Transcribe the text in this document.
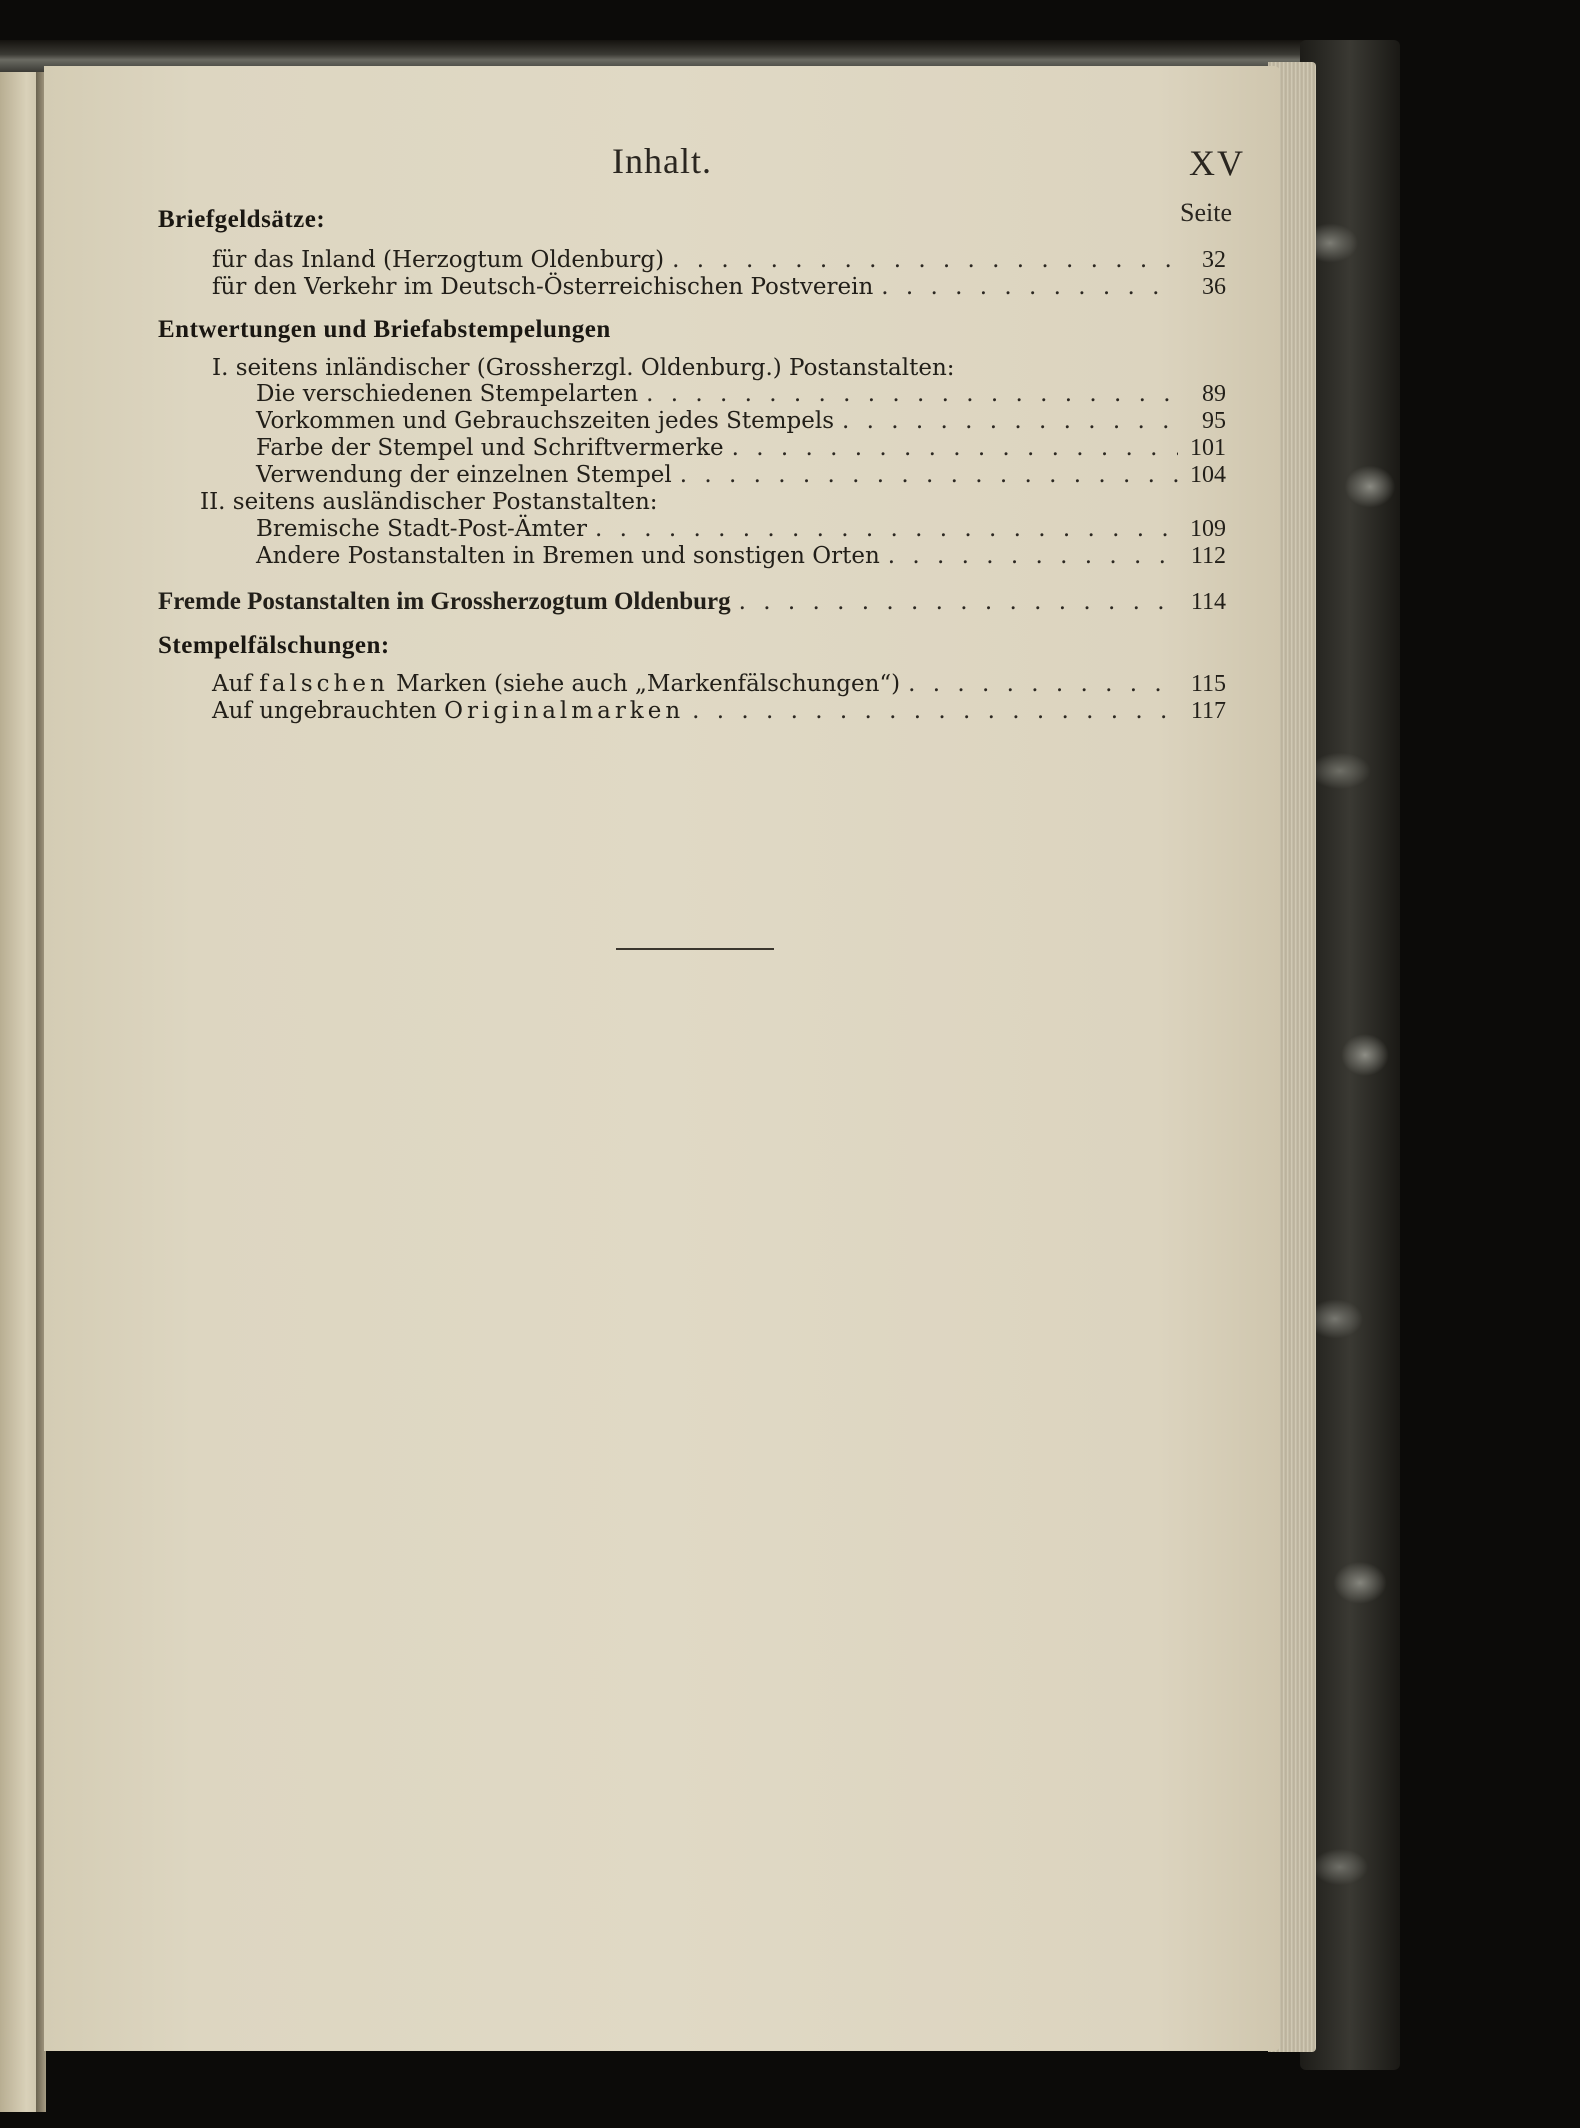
Inhalt.	XV
Seite
Briefgeldsätze:
für das Inland (Herzogtum Oldenburg) . . .	32
für den Verkehr im Deutsch-Österreichischen Postverein . . .	36
Entwertungen und Briefabstempelungen
I. seitens inländischer (Grossherzgl. Oldenburg.) Postanstalten:
Die verschiedenen Stempelarten . . .	89
Vorkommen und Gebrauchszeiten jedes Stempels . . .	95
Farbe der Stempel und Schriftvermerke . . .	101
Verwendung der einzelnen Stempel . . .	104
II. seitens ausländischer Postanstalten:
Bremische Stadt-Post-Ämter . . .	109
Andere Postanstalten in Bremen und sonstigen Orten . . .	112
Fremde Postanstalten im Grossherzogtum Oldenburg . . .	114
Stempelfälschungen:
Auf falschen Marken (siehe auch „Markenfälschungen“) . . .	115
Auf ungebrauchten Originalmarken . . .	117
